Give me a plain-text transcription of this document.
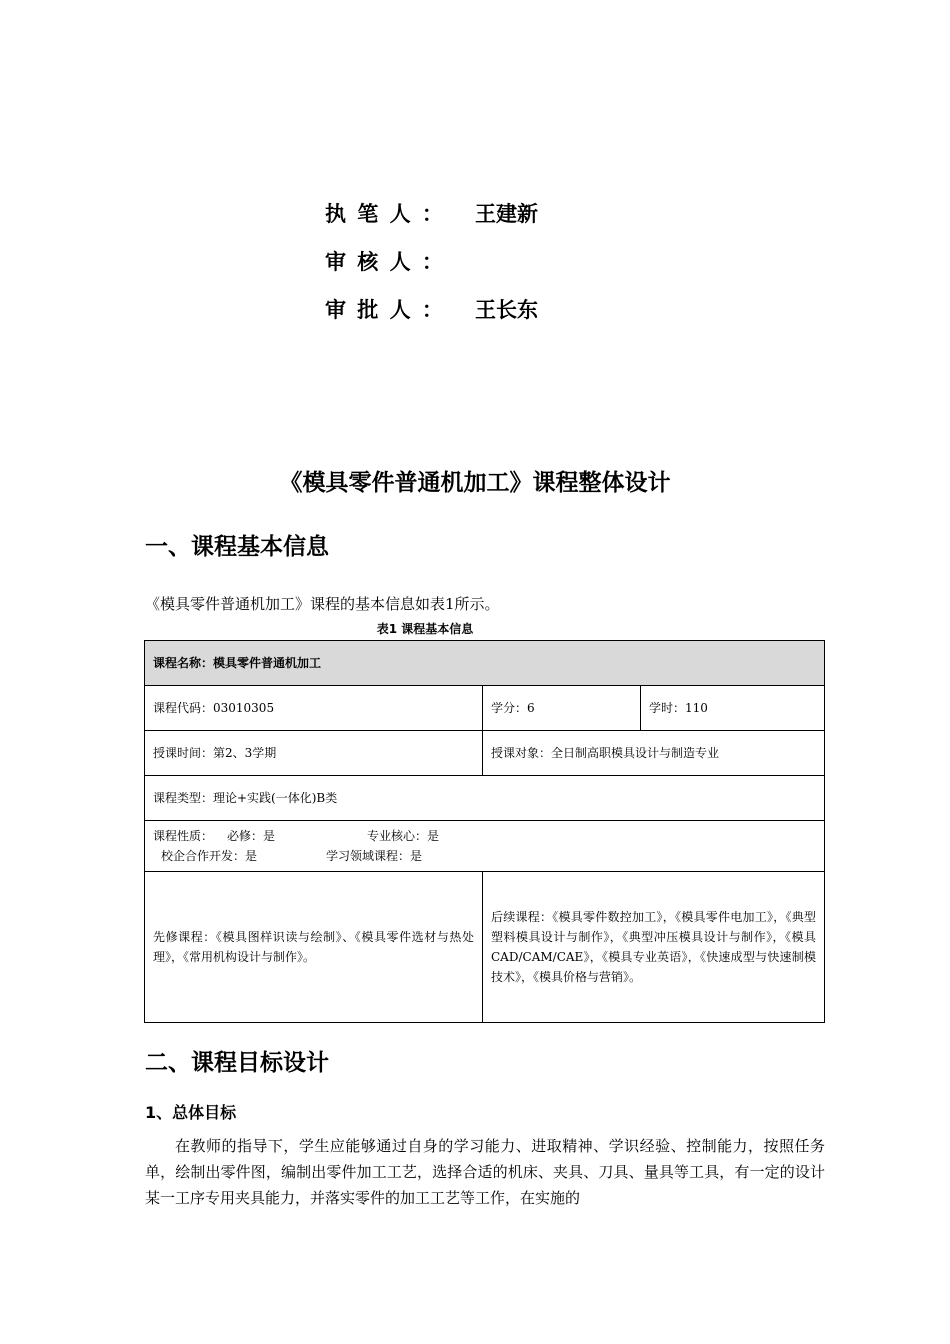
执 笔 人 ： 王建新
审 核 人 ：
审 批 人 ： 王长东
《模具零件普通机加工》课程整体设计
一、课程基本信息
《模具零件普通机加工》课程的基本信息如表1所示。
表1 课程基本信息
课程名称：模具零件普通机加工		
课程代码：03010305	学分：6	学时：110
授课时间：第2、3学期	授课对象：全日制高职模具设计与制造专业	
课程类型：理论+实践(一体化)B类		

课程性质： 必修：是 专业核心：是
校企合作开发：是 学习领域课程：是		

先修课程：《模具图样识读与绘制》、《模具零件选材与热处理》，《常用机构设计与制作》。	后续课程：《模具零件数控加工》，《模具零件电加工》，《典型塑料模具设计与制作》，《典型冲压模具设计与制作》，《模具CAD/CAM/CAE》，《模具专业英语》，《快速成型与快速制模技术》，《模具价格与营销》。	
二、课程目标设计
1、总体目标
在教师的指导下，学生应能够通过自身的学习能力、进取精神、学识经验、控制能力，按照任务单，绘制出零件图，编制出零件加工工艺，选择合适的机床、夹具、刀具、量具等工具，有一定的设计某一工序专用夹具能力，并落实零件的加工工艺等工作，在实施的
